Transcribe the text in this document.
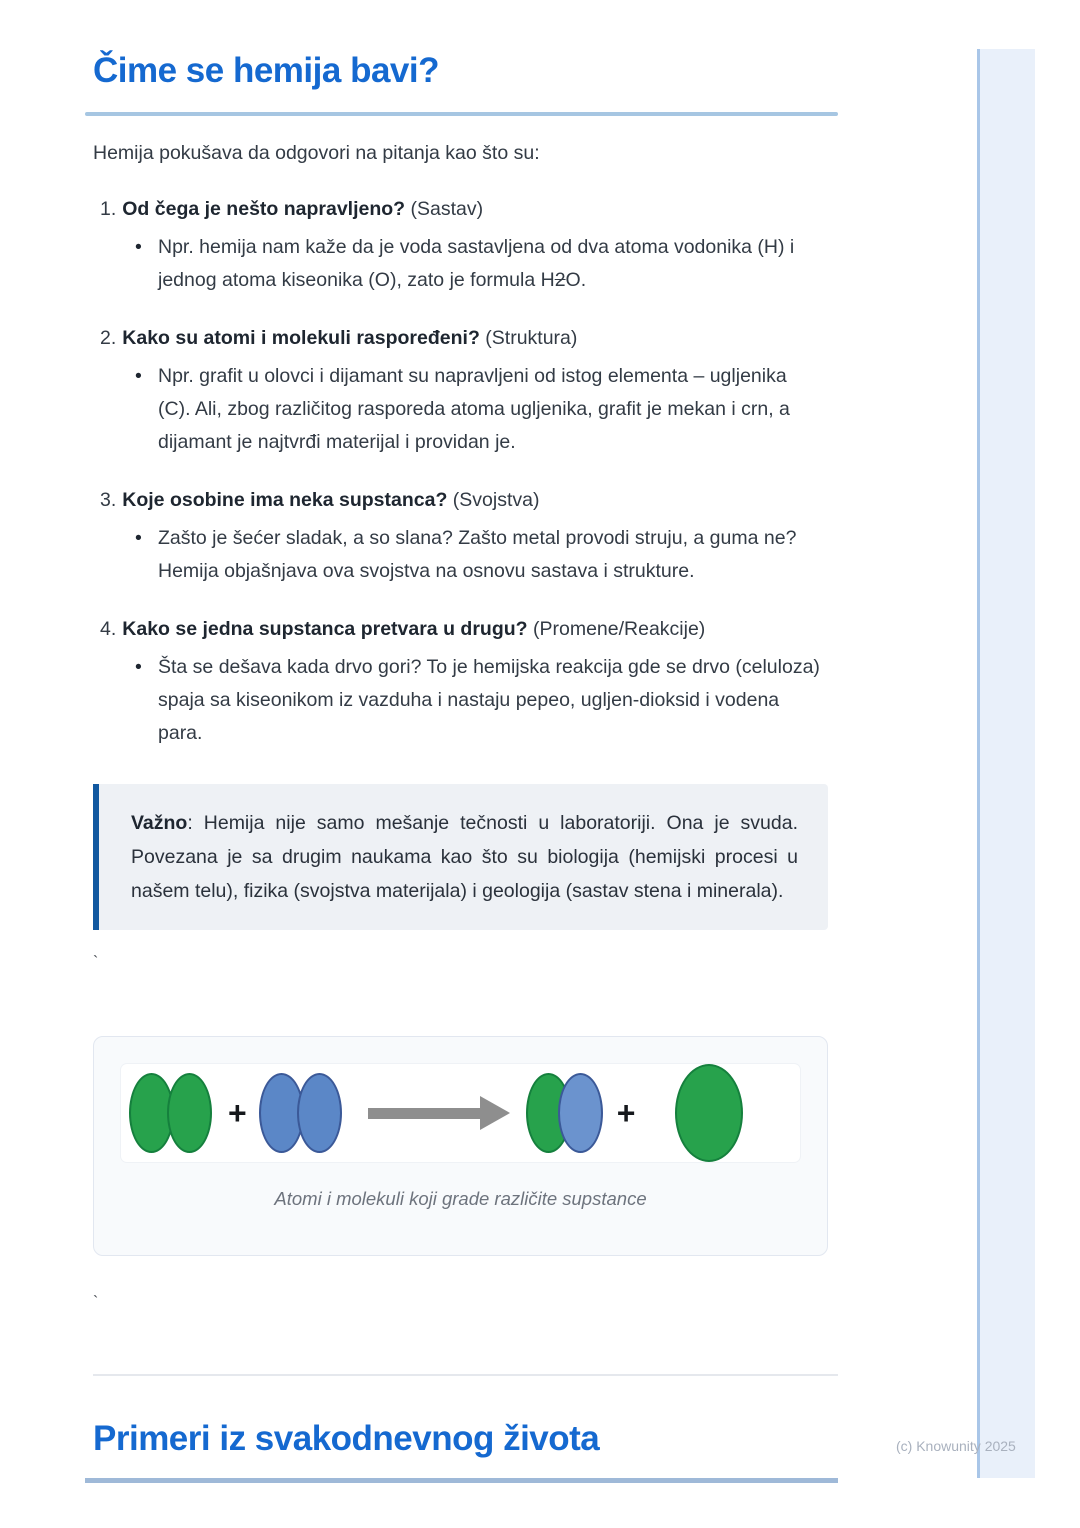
Čime se hemija bavi?

Hemija pokušava da odgovori na pitanja kao što su:

1. Od čega je nešto napravljeno? (Sastav)
• Npr. hemija nam kaže da je voda sastavljena od dva atoma vodonika (H) i jednog atoma kiseonika (O), zato je formula H2O.
2. Kako su atomi i molekuli raspoređeni? (Struktura)
• Npr. grafit u olovci i dijamant su napravljeni od istog elementa – ugljenika (C). Ali, zbog različitog rasporeda atoma ugljenika, grafit je mekan i crn, a dijamant je najtvrđi materijal i providan je.
3. Koje osobine ima neka supstanca? (Svojstva)
• Zašto je šećer sladak, a so slana? Zašto metal provodi struju, a guma ne? Hemija objašnjava ova svojstva na osnovu sastava i strukture.
4. Kako se jedna supstanca pretvara u drugu? (Promene/Reakcije)
• Šta se dešava kada drvo gori? To je hemijska reakcija gde se drvo (celuloza) spaja sa kiseonikom iz vazduha i nastaju pepeo, ugljen-dioksid i vodena para.

Važno: Hemija nije samo mešanje tečnosti u laboratoriji. Ona je svuda. Povezana je sa drugim naukama kao što su biologija (hemijski procesi u našem telu), fizika (svojstva materijala) i geologija (sastav stena i minerala).

`
+	+
Atomi i molekuli koji grade različite supstance
`
Primeri iz svakodnevnog života	(c) Knowunity 2025
